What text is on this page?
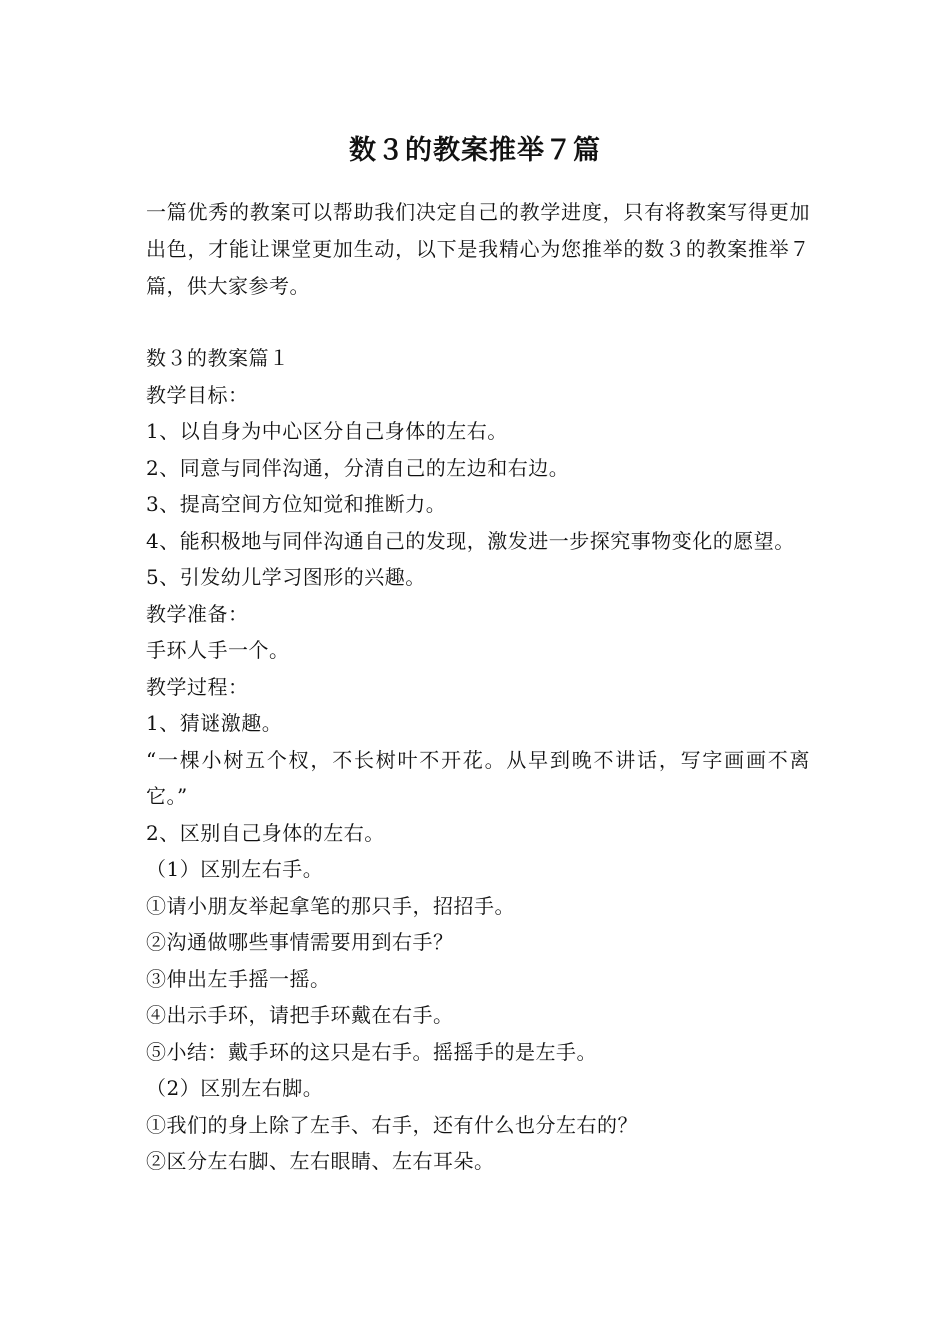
数３的教案推举７篇

一篇优秀的教案可以帮助我们决定自己的教学进度，只有将教案写得更加出色，才能让课堂更加生动，以下是我精心为您推举的数３的教案推举７篇，供大家参考。

数３的教案篇１

教学目标：

1、以自身为中心区分自己身体的左右。

2、同意与同伴沟通，分清自己的左边和右边。

3、提高空间方位知觉和推断力。

4、能积极地与同伴沟通自己的发现，激发进一步探究事物变化的愿望。

5、引发幼儿学习图形的兴趣。

教学准备：

手环人手一个。

教学过程：

1、猜谜激趣。

“一棵小树五个杈，不长树叶不开花。从早到晚不讲话，写字画画不离它。”

2、区别自己身体的左右。

（1）区别左右手。

①请小朋友举起拿笔的那只手，招招手。

②沟通做哪些事情需要用到右手？

③伸出左手摇一摇。

④出示手环，请把手环戴在右手。

⑤小结：戴手环的这只是右手。摇摇手的是左手。

（2）区别左右脚。

①我们的身上除了左手、右手，还有什么也分左右的？

②区分左右脚、左右眼睛、左右耳朵。
